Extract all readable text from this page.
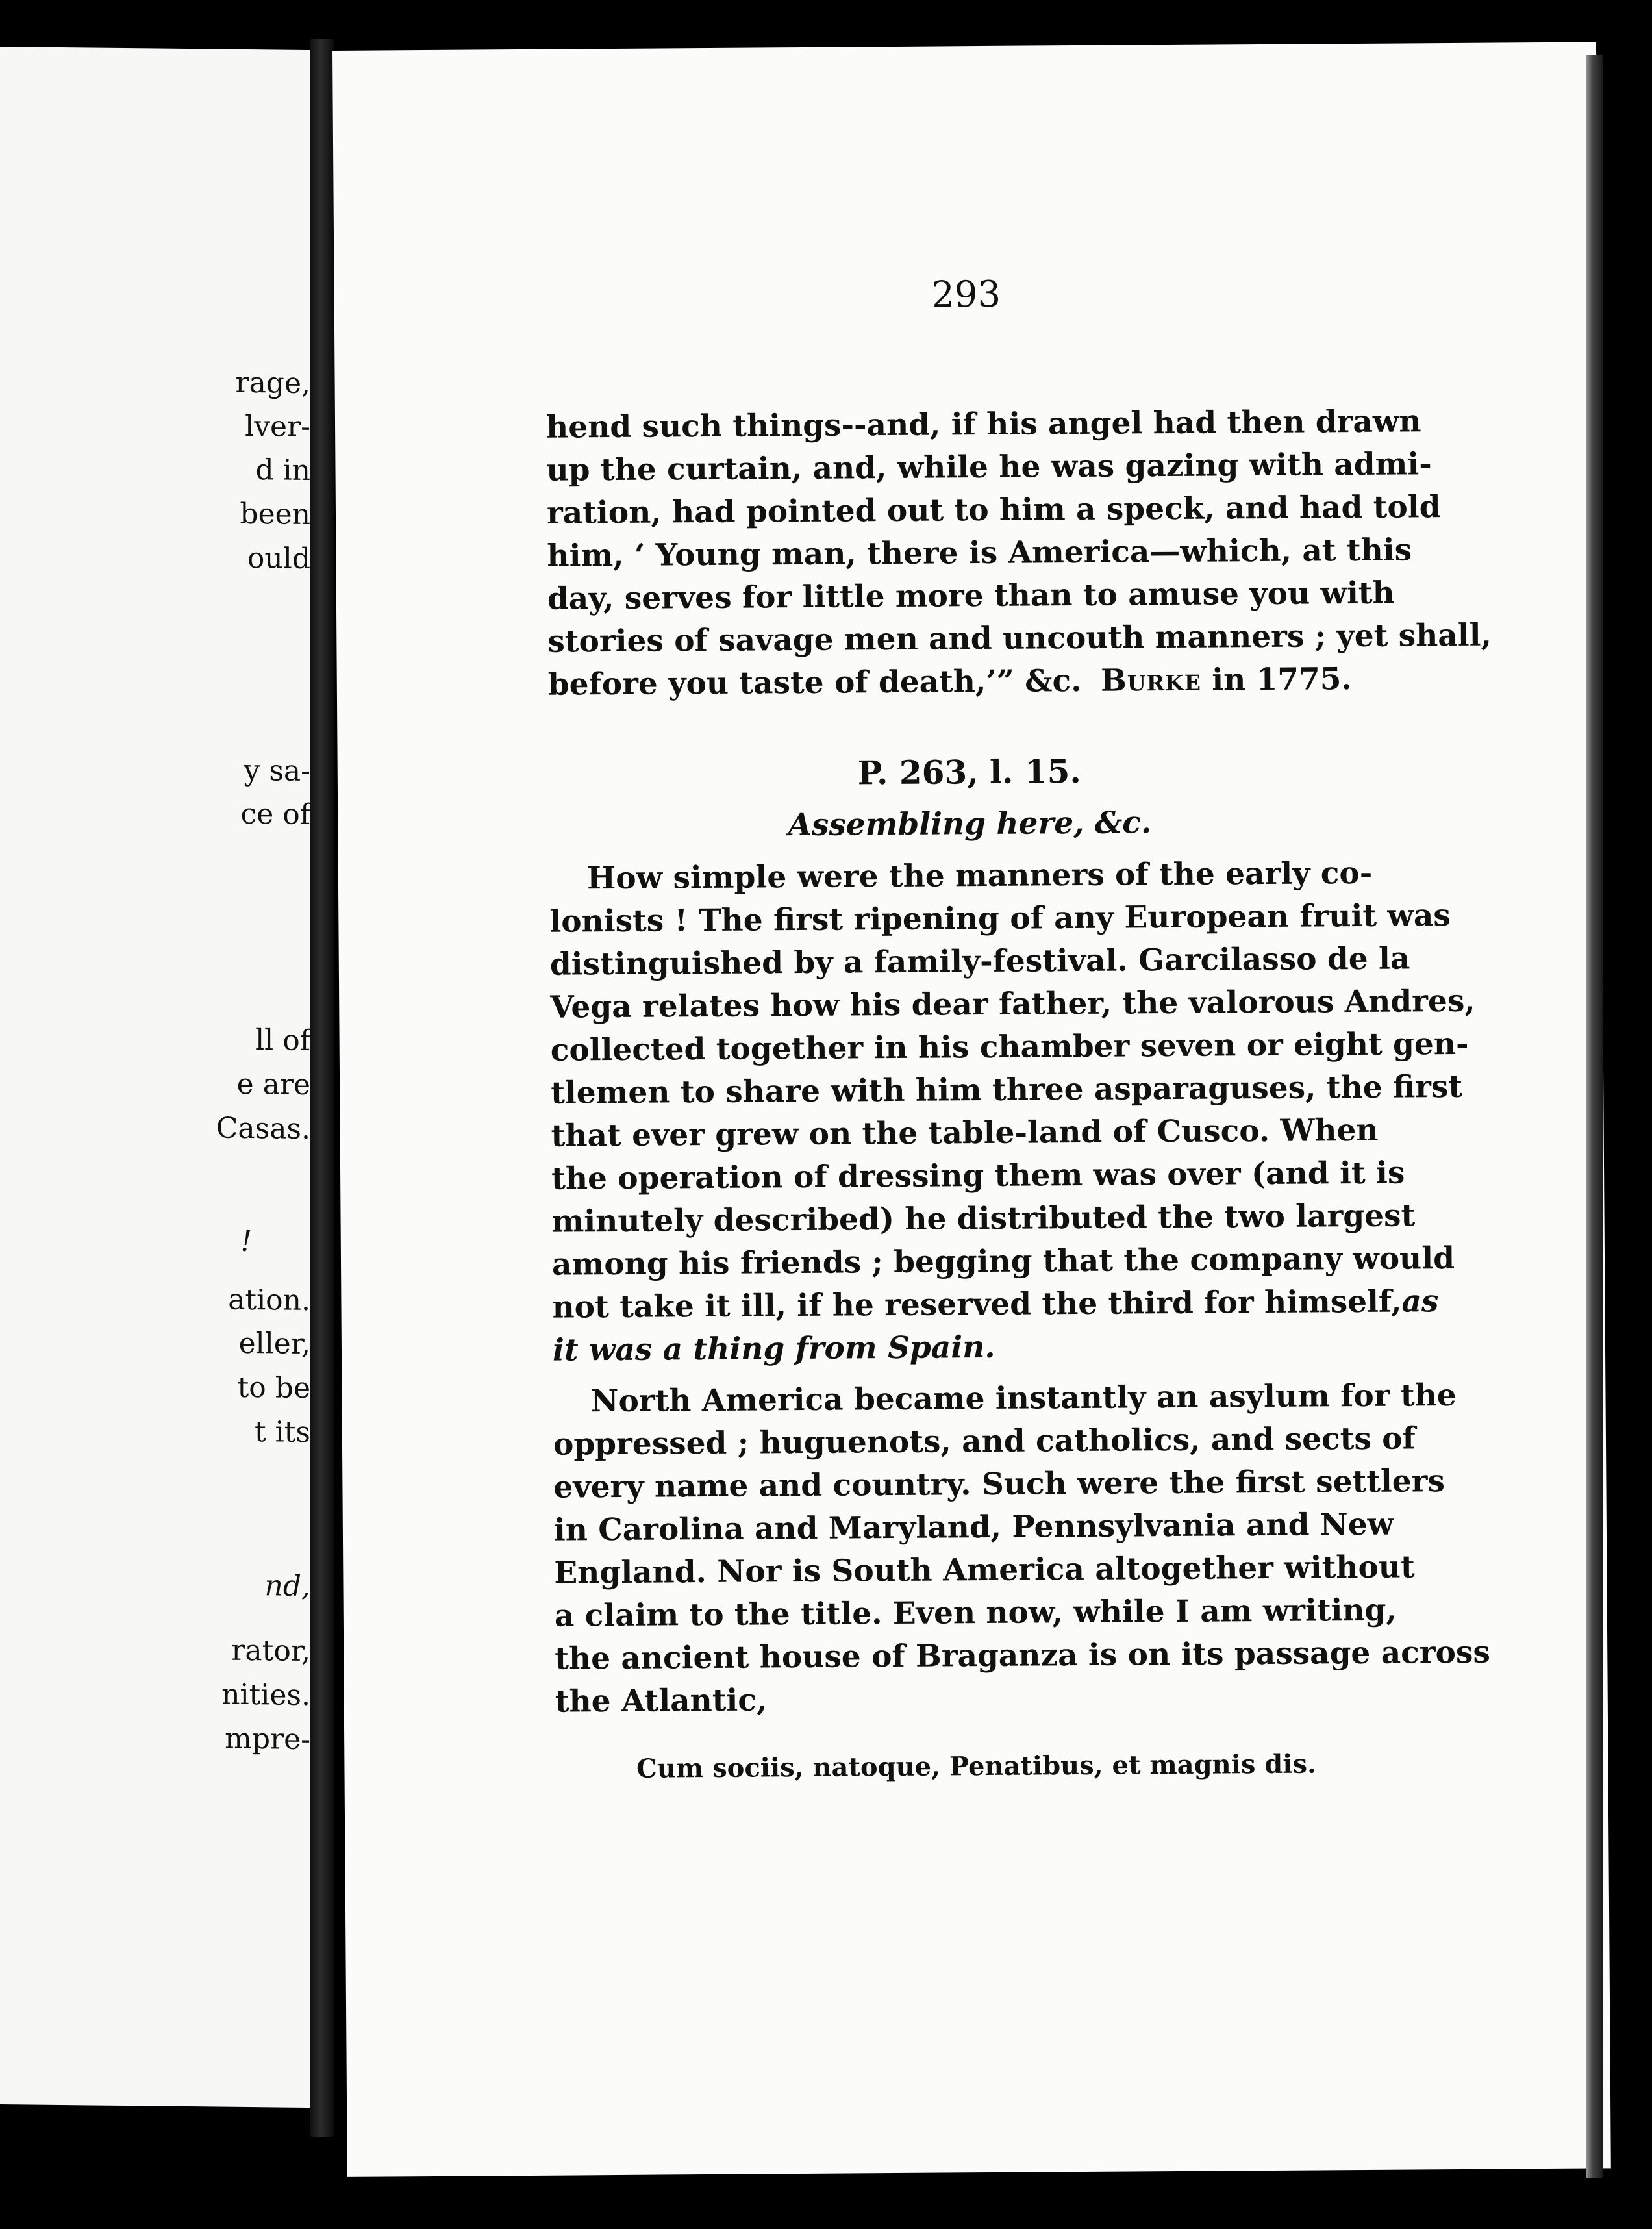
rage,
lver-
d in
been
ould
y sa-
ce of
ll of
e are
Casas.
!
ation.
eller,
to be
t its
nd,
rator,
nities.
mpre-
293
hend such things--and, if his angel had then drawn
up the curtain, and, while he was gazing with admi-
ration, had pointed out to him a speck, and had told
him, ‘ Young man, there is America—which, at this
day, serves for little more than to amuse you with
stories of savage men and uncouth manners ; yet shall,
before you taste of death,’” &c. Burke in 1775.
P. 263, l. 15.
Assembling here, &c.
How simple were the manners of the early co-
lonists ! The first ripening of any European fruit was
distinguished by a family-festival. Garcilasso de la
Vega relates how his dear father, the valorous Andres,
collected together in his chamber seven or eight gen-
tlemen to share with him three asparaguses, the first
that ever grew on the table-land of Cusco. When
the operation of dressing them was over (and it is
minutely described) he distributed the two largest
among his friends ; begging that the company would
not take it ill, if he reserved the third for himself, as
it was a thing from Spain.
North America became instantly an asylum for the
oppressed ; huguenots, and catholics, and sects of
every name and country. Such were the first settlers
in Carolina and Maryland, Pennsylvania and New
England. Nor is South America altogether without
a claim to the title. Even now, while I am writing,
the ancient house of Braganza is on its passage across
the Atlantic,
Cum sociis, natoque, Penatibus, et magnis dis.
